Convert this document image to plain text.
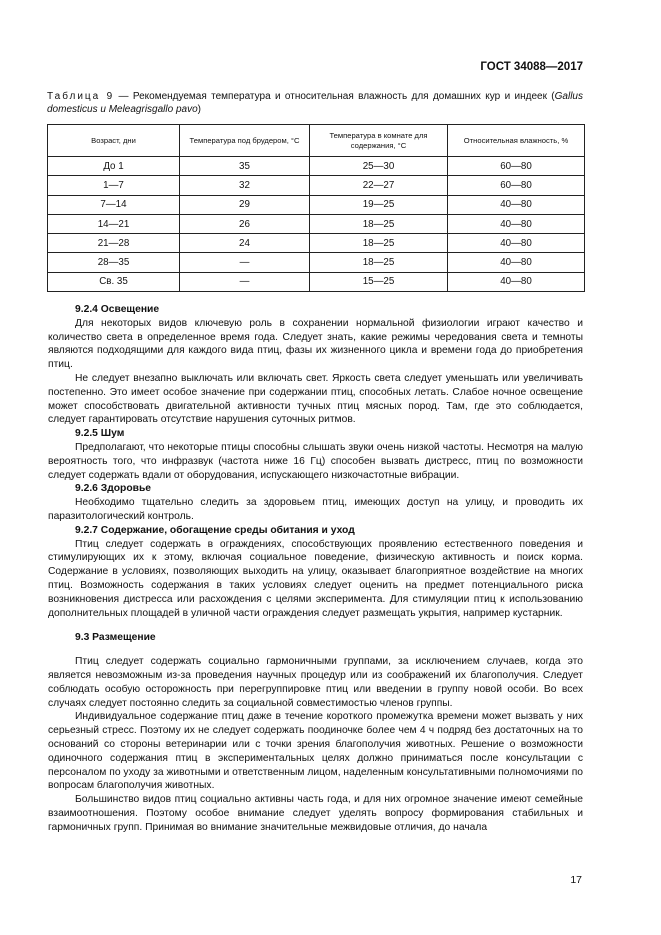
ГОСТ 34088—2017
Таблица 9 — Рекомендуемая температура и относительная влажность для домашних кур и индеек (Gallus domesticus и Meleagrisgallo pavo)
Возраст, дни	Температура под брудером, °С	Температура в комнате для содержания, °С	Относительная влажность, %
До 1	35	25—30	60—80
1—7	32	22—27	60—80
7—14	29	19—25	40—80
14—21	26	18—25	40—80
21—28	24	18—25	40—80
28—35	—	18—25	40—80
Св. 35	—	15—25	40—80
9.2.4 Освещение

Для некоторых видов ключевую роль в сохранении нормальной физиологии играют качество и количество света в определенное время года. Следует знать, какие режимы чередования света и темноты являются подходящими для каждого вида птиц, фазы их жизненного цикла и времени года до приобретения птиц.

Не следует внезапно выключать или включать свет. Яркость света следует уменьшать или увеличивать постепенно. Это имеет особое значение при содержании птиц, способных летать. Слабое ночное освещение может способствовать двигательной активности тучных птиц мясных пород. Там, где это соблюдается, следует гарантировать отсутствие нарушения суточных ритмов.

9.2.5 Шум

Предполагают, что некоторые птицы способны слышать звуки очень низкой частоты. Несмотря на малую вероятность того, что инфразвук (частота ниже 16 Гц) способен вызвать дистресс, птиц по возможности следует содержать вдали от оборудования, испускающего низкочастотные вибрации.

9.2.6 Здоровье

Необходимо тщательно следить за здоровьем птиц, имеющих доступ на улицу, и проводить их паразитологический контроль.

9.2.7 Содержание, обогащение среды обитания и уход

Птиц следует содержать в ограждениях, способствующих проявлению естественного поведения и стимулирующих их к этому, включая социальное поведение, физическую активность и поиск корма. Содержание в условиях, позволяющих выходить на улицу, оказывает благоприятное воздействие на многих птиц. Возможность содержания в таких условиях следует оценить на предмет потенциального риска возникновения дистресса или расхождения с целями эксперимента. Для стимуляции птиц к использованию дополнительных площадей в уличной части ограждения следует размещать укрытия, например кустарник.

9.3 Размещение

Птиц следует содержать социально гармоничными группами, за исключением случаев, когда это является невозможным из-за проведения научных процедур или из соображений их благополучия. Следует соблюдать особую осторожность при перегруппировке птиц или введении в группу новой особи. Во всех случаях следует постоянно следить за социальной совместимостью членов группы.

Индивидуальное содержание птиц даже в течение короткого промежутка времени может вызвать у них серьезный стресс. Поэтому их не следует содержать поодиночке более чем 4 ч подряд без достаточных на то оснований со стороны ветеринарии или с точки зрения благополучия животных. Решение о возможности одиночного содержания птиц в экспериментальных целях должно приниматься после консультации с персоналом по уходу за животными и ответственным лицом, наделенным консультативными полномочиями по вопросам благополучия животных.

Большинство видов птиц социально активны часть года, и для них огромное значение имеют семейные взаимоотношения. Поэтому особое внимание следует уделять вопросу формирования стабильных и гармоничных групп. Принимая во внимание значительные межвидовые отличия, до начала

17
